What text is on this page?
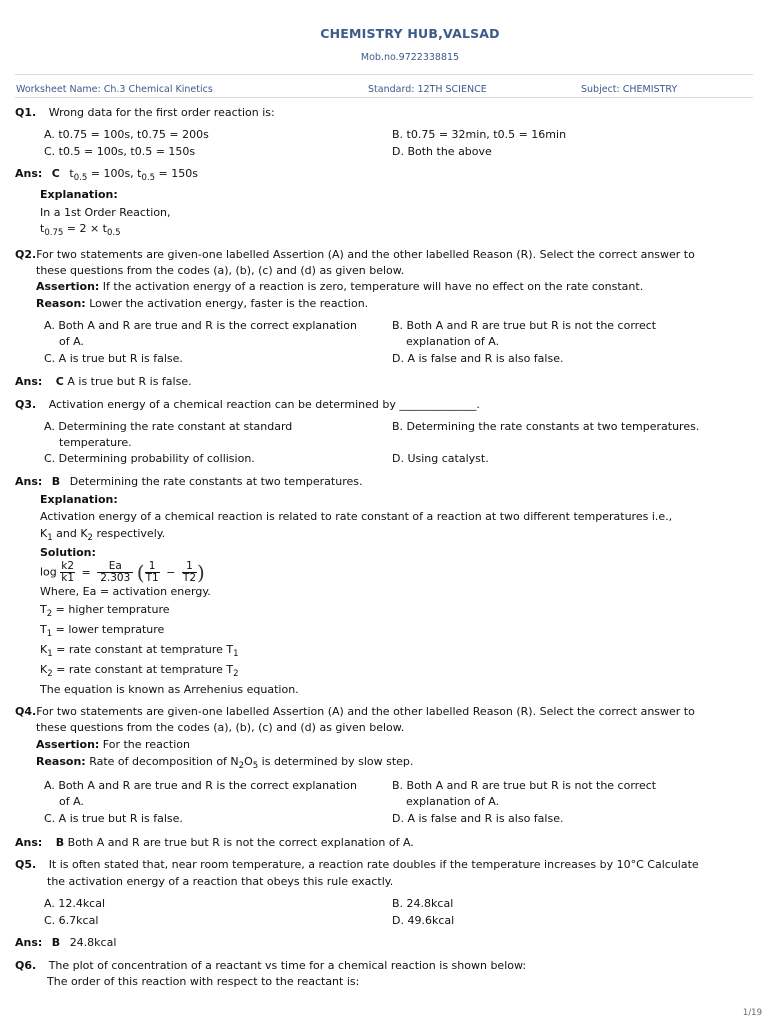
CHEMISTRY HUB,VALSAD
Mob.no.9722338815
Worksheet Name: Ch.3 Chemical Kinetics	Standard: 12TH SCIENCE	Subject: CHEMISTRY
Q1. Wrong data for the first order reaction is:
A. t0.75 = 100s, t0.75 = 200s	B. t0.75 = 32min, t0.5 = 16min
C. t0.5 = 100s, t0.5 = 150s	D. Both the above
Ans: C $t_{0.5} = 100s$, $t_{0.5} = 150s$
Explanation:
In a 1st Order Reaction,
$t_{0.75} = 2 \times t_{0.5}$
Q2.For two statements are given-one labelled Assertion (A) and the other labelled Reason (R). Select the correct answer to
these questions from the codes (a), (b), (c) and (d) as given below.
Assertion: If the activation energy of a reaction is zero, temperature will have no effect on the rate constant.
Reason: Lower the activation energy, faster is the reaction.
A. Both A and R are true and R is the correct explanation
of A.
B. Both A and R are true but R is not the correct
explanation of A.
C. A is true but R is false.	D. A is false and R is also false.
Ans: C A is true but R is false.
Q3. Activation energy of a chemical reaction can be determined by ______________.
A. Determining the rate constant at standard
temperature.
B. Determining the rate constants at two temperatures.
C. Determining probability of collision.	D. Using catalyst.
Ans: B Determining the rate constants at two temperatures.
Explanation:
Activation energy of a chemical reaction is related to rate constant of a reaction at two different temperatures i.e.,
$K_1$ and $K_2$ respectively.
Solution:
$\log \frac{k2}{k1} = \frac{Ea}{2.303}$ ( $\frac{1}{T1} - \frac{1}{T2}$ )
Where, Ea = activation energy.
$T_2$ = higher temprature
$T_1$ = lower temprature
$K_1$ = rate constant at temprature $T_1$
$K_2$ = rate constant at temprature $T_2$
The equation is known as Arrehenius equation.
Q4.For two statements are given-one labelled Assertion (A) and the other labelled Reason (R). Select the correct answer to
these questions from the codes (a), (b), (c) and (d) as given below.
Assertion: For the reaction
Reason: Rate of decomposition of $N_2O_5$ is determined by slow step.
A. Both A and R are true and R is the correct explanation
of A.
B. Both A and R are true but R is not the correct
explanation of A.
C. A is true but R is false.	D. A is false and R is also false.
Ans: B Both A and R are true but R is not the correct explanation of A.
Q5. It is often stated that, near room temperature, a reaction rate doubles if the temperature increases by 10°C Calculate
the activation energy of a reaction that obeys this rule exactly.
A. 12.4kcal	B. 24.8kcal
C. 6.7kcal	D. 49.6kcal
Ans: B 24.8kcal
Q6. The plot of concentration of a reactant vs time for a chemical reaction is shown below:
The order of this reaction with respect to the reactant is:
1/19
